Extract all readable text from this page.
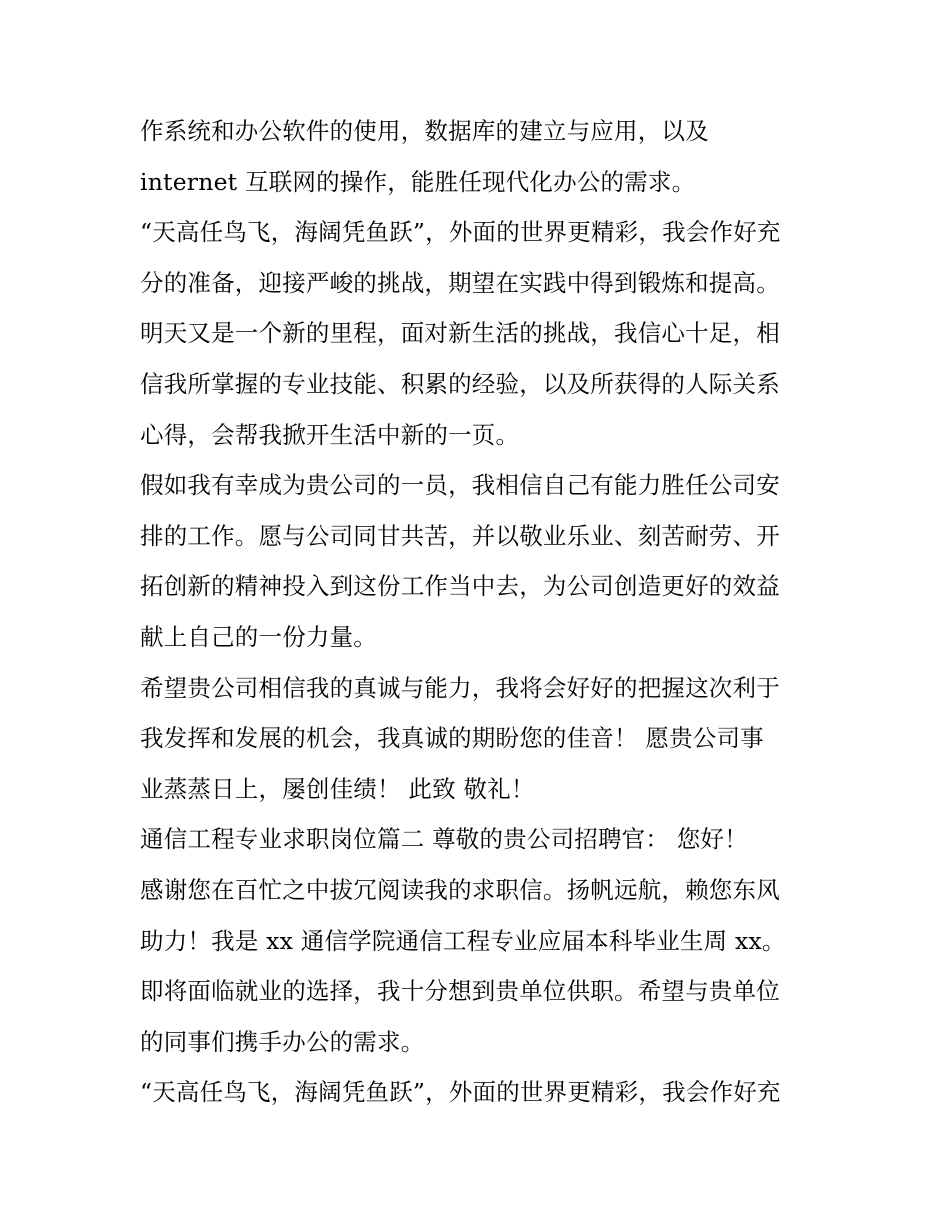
作系统和办公软件的使用，数据库的建立与应用，以及
internet 互联网的操作，能胜任现代化办公的需求。
“天高任鸟飞，海阔凭鱼跃”，外面的世界更精彩，我会作好充
分的准备，迎接严峻的挑战，期望在实践中得到锻炼和提高。
明天又是一个新的里程，面对新生活的挑战，我信心十足，相
信我所掌握的专业技能、积累的经验，以及所获得的人际关系
心得，会帮我掀开生活中新的一页。
假如我有幸成为贵公司的一员，我相信自己有能力胜任公司安
排的工作。愿与公司同甘共苦，并以敬业乐业、刻苦耐劳、开
拓创新的精神投入到这份工作当中去，为公司创造更好的效益
献上自己的一份力量。
希望贵公司相信我的真诚与能力，我将会好好的把握这次利于
我发挥和发展的机会，我真诚的期盼您的佳音！ 愿贵公司事
业蒸蒸日上，屡创佳绩！ 此致 敬礼！
通信工程专业求职岗位篇二 尊敬的贵公司招聘官： 您好！
感谢您在百忙之中拔冗阅读我的求职信。扬帆远航，赖您东风
助力！我是 xx 通信学院通信工程专业应届本科毕业生周 xx。
即将面临就业的选择，我十分想到贵单位供职。希望与贵单位
的同事们携手办公的需求。
“天高任鸟飞，海阔凭鱼跃”，外面的世界更精彩，我会作好充
